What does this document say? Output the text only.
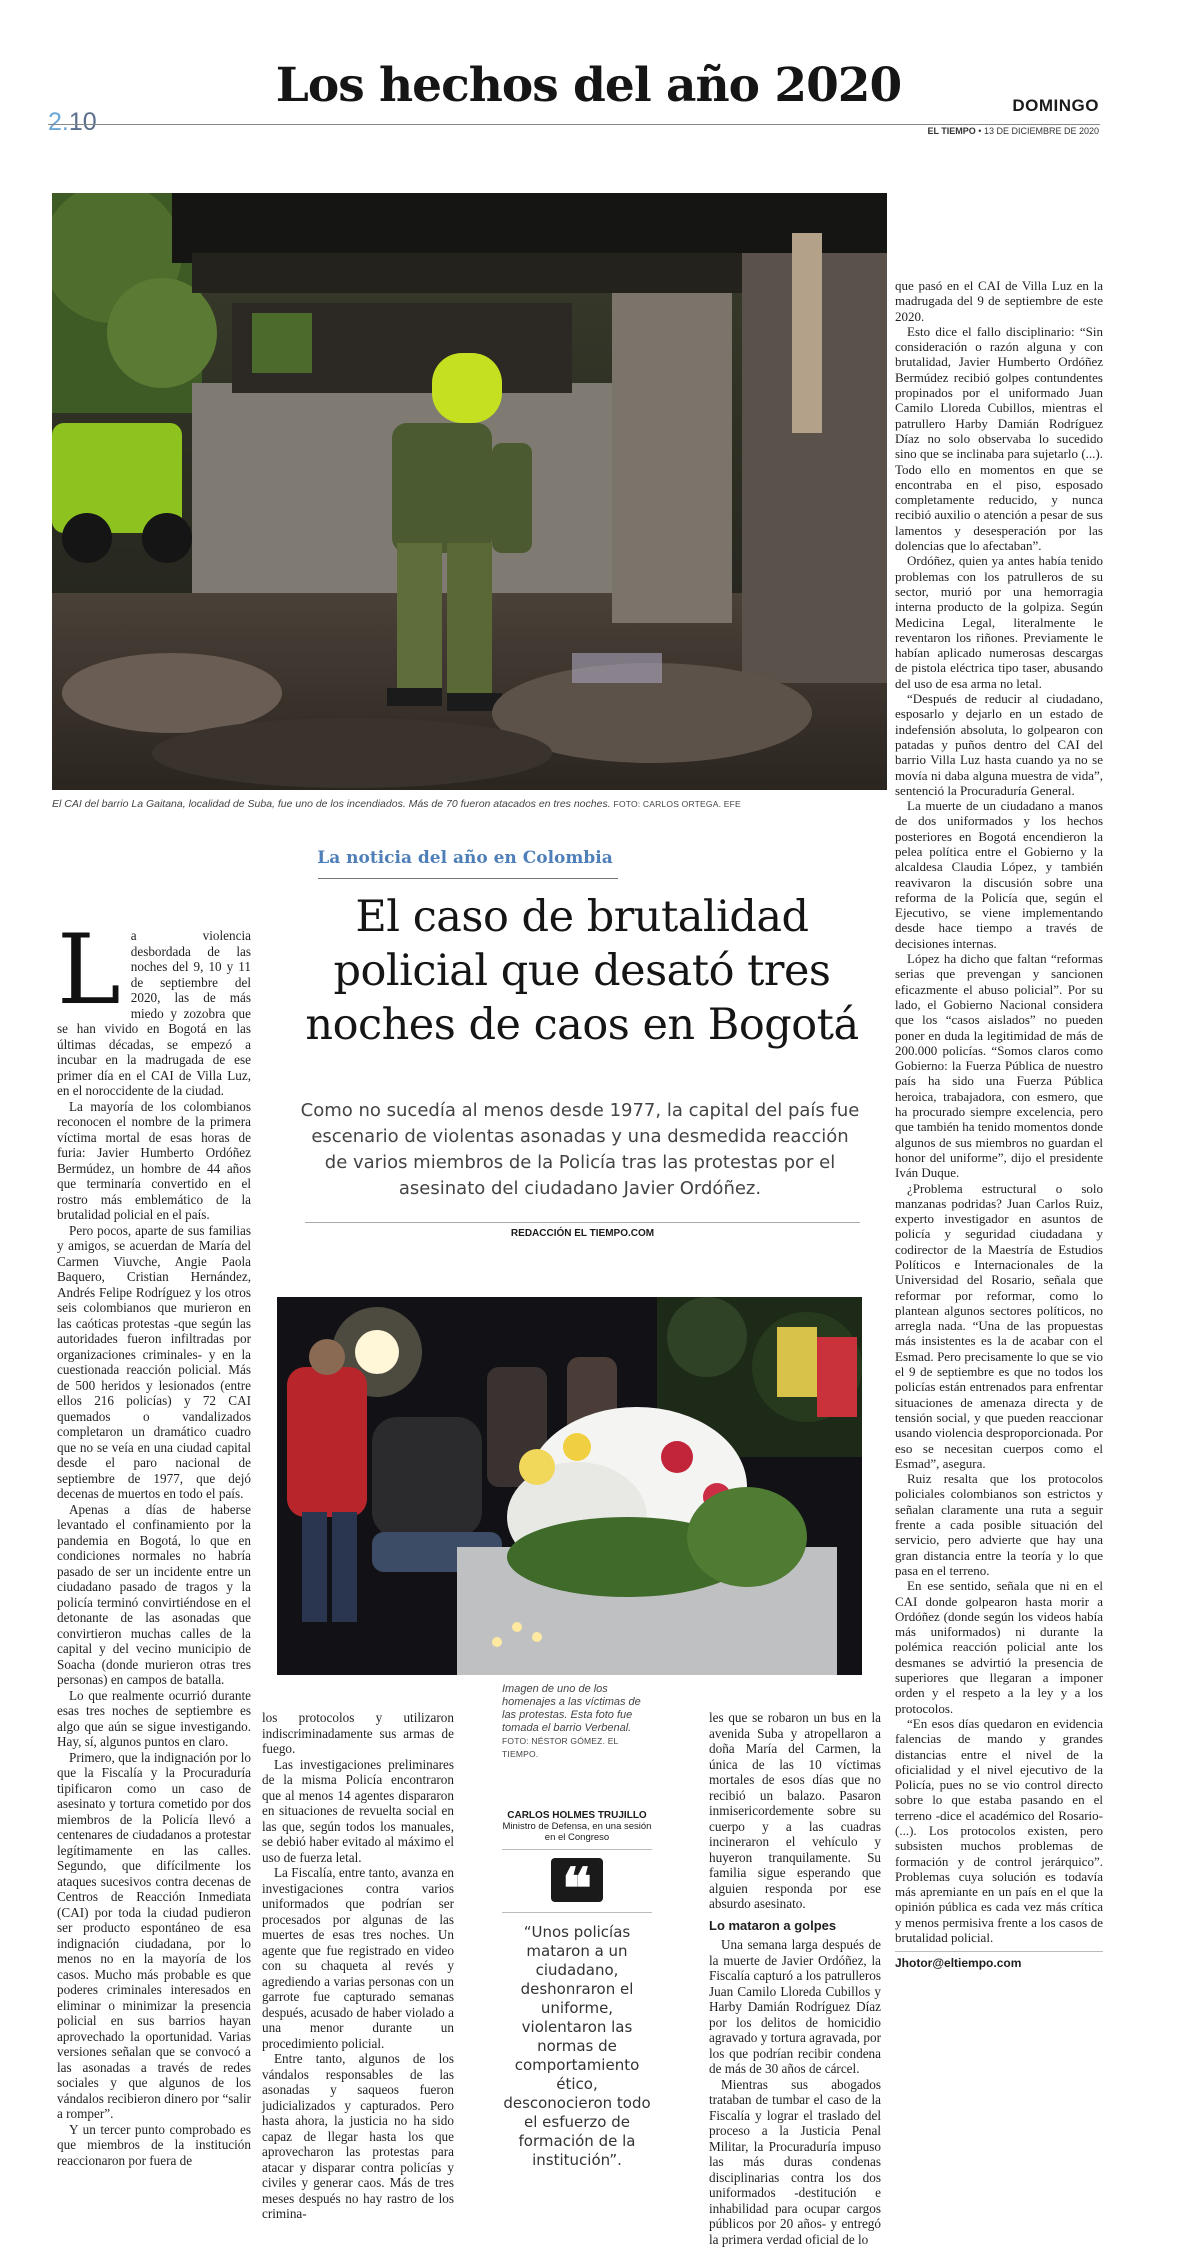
Los hechos del año 2020
2.10
DOMINGO
EL TIEMPO • 13 DE DICIEMBRE DE 2020
El CAI del barrio La Gaitana, localidad de Suba, fue uno de los incendiados. Más de 70 fueron atacados en tres noches. FOTO: CARLOS ORTEGA. EFE
La noticia del año en Colombia
El caso de brutalidad
policial que desató tres
noches de caos en Bogotá
Como no sucedía al menos desde 1977, la capital del país fue escenario de violentas asonadas y una desmedida reacción de varios miembros de la Policía tras las protestas por el asesinato del ciudadano Javier Ordóñez.
REDACCIÓN EL TIEMPO.COM
Imagen de uno de los homenajes a las víctimas de las protestas. Esta foto fue tomada el barrio Verbenal.
FOTO: NÉSTOR GÓMEZ. EL TIEMPO.

La violencia desbordada de las noches del 9, 10 y 11 de septiembre del 2020, las de más miedo y zozobra que se han vivido en Bogotá en las últimas décadas, se empezó a incubar en la madrugada de ese primer día en el CAI de Villa Luz, en el noroccidente de la ciudad.

La mayoría de los colombianos reconocen el nombre de la primera víctima mortal de esas horas de furia: Javier Humberto Ordóñez Bermúdez, un hombre de 44 años que terminaría convertido en el rostro más emblemático de la brutalidad policial en el país.

Pero pocos, aparte de sus familias y amigos, se acuerdan de María del Carmen Viuvche, Angie Paola Baquero, Cristian Hernández, Andrés Felipe Rodríguez y los otros seis colombianos que murieron en las caóticas protestas -que según las autoridades fueron infiltradas por organizaciones criminales- y en la cuestionada reacción policial. Más de 500 heridos y lesionados (entre ellos 216 policías) y 72 CAI quemados o vandalizados completaron un dramático cuadro que no se veía en una ciudad capital desde el paro nacional de septiembre de 1977, que dejó decenas de muertos en todo el país.

Apenas a días de haberse levantado el confinamiento por la pandemia en Bogotá, lo que en condiciones normales no habría pasado de ser un incidente entre un ciudadano pasado de tragos y la policía terminó convirtiéndose en el detonante de las asonadas que convirtieron muchas calles de la capital y del vecino municipio de Soacha (donde murieron otras tres personas) en campos de batalla.

Lo que realmente ocurrió durante esas tres noches de septiembre es algo que aún se sigue investigando. Hay, sí, algunos puntos en claro.

Primero, que la indignación por lo que la Fiscalía y la Procuraduría tipificaron como un caso de asesinato y tortura cometido por dos miembros de la Policía llevó a centenares de ciudadanos a protestar legítimamente en las calles. Segundo, que difícilmente los ataques sucesivos contra decenas de Centros de Reacción Inmediata (CAI) por toda la ciudad pudieron ser producto espontáneo de esa indignación ciudadana, por lo menos no en la mayoría de los casos. Mucho más probable es que poderes criminales interesados en eliminar o minimizar la presencia policial en sus barrios hayan aprovechado la oportunidad. Varias versiones señalan que se convocó a las asonadas a través de redes sociales y que algunos de los vándalos recibieron dinero por “salir a romper”.

Y un tercer punto comprobado es que miembros de la institución reaccionaron por fuera de

los protocolos y utilizaron indiscriminadamente sus armas de fuego.

Las investigaciones preliminares de la misma Policía encontraron que al menos 14 agentes dispararon en situaciones de revuelta social en las que, según todos los manuales, se debió haber evitado al máximo el uso de fuerza letal.

La Fiscalía, entre tanto, avanza en investigaciones contra varios uniformados que podrían ser procesados por algunas de las muertes de esas tres noches. Un agente que fue registrado en video con su chaqueta al revés y agrediendo a varias personas con un garrote fue capturado semanas después, acusado de haber violado a una menor durante un procedimiento policial.

Entre tanto, algunos de los vándalos responsables de las asonadas y saqueos fueron judicializados y capturados. Pero hasta ahora, la justicia no ha sido capaz de llegar hasta los que aprovecharon las protestas para atacar y disparar contra policías y civiles y generar caos. Más de tres meses después no hay rastro de los crimina-

CARLOS HOLMES TRUJILLO
Ministro de Defensa, en una sesión en el Congreso
❝
“Unos policías mataron a un ciudadano, deshonraron el uniforme, violentaron las normas de comportamiento ético, desconocieron todo el esfuerzo de formación de la institución”.

les que se robaron un bus en la avenida Suba y atropellaron a doña María del Carmen, la única de las 10 víctimas mortales de esos días que no recibió un balazo. Pasaron inmisericordemente sobre su cuerpo y a las cuadras incineraron el vehículo y huyeron tranquilamente. Su familia sigue esperando que alguien responda por ese absurdo asesinato.

Lo mataron a golpes

Una semana larga después de la muerte de Javier Ordóñez, la Fiscalía capturó a los patrulleros Juan Camilo Lloreda Cubillos y Harby Damián Rodríguez Díaz por los delitos de homicidio agravado y tortura agravada, por los que podrían recibir condena de más de 30 años de cárcel.

Mientras sus abogados trataban de tumbar el caso de la Fiscalía y lograr el traslado del proceso a la Justicia Penal Militar, la Procuraduría impuso las más duras condenas disciplinarias contra los dos uniformados -destitución e inhabilidad para ocupar cargos públicos por 20 años- y entregó la primera verdad oficial de lo

que pasó en el CAI de Villa Luz en la madrugada del 9 de septiembre de este 2020.

Esto dice el fallo disciplinario: “Sin consideración o razón alguna y con brutalidad, Javier Humberto Ordóñez Bermúdez recibió golpes contundentes propinados por el uniformado Juan Camilo Lloreda Cubillos, mientras el patrullero Harby Damián Rodríguez Díaz no solo observaba lo sucedido sino que se inclinaba para sujetarlo (...). Todo ello en momentos en que se encontraba en el piso, esposado completamente reducido, y nunca recibió auxilio o atención a pesar de sus lamentos y desesperación por las dolencias que lo afectaban”.

Ordóñez, quien ya antes había tenido problemas con los patrulleros de su sector, murió por una hemorragia interna producto de la golpiza. Según Medicina Legal, literalmente le reventaron los riñones. Previamente le habían aplicado numerosas descargas de pistola eléctrica tipo taser, abusando del uso de esa arma no letal.

“Después de reducir al ciudadano, esposarlo y dejarlo en un estado de indefensión absoluta, lo golpearon con patadas y puños dentro del CAI del barrio Villa Luz hasta cuando ya no se movía ni daba alguna muestra de vida”, sentenció la Procuraduría General.

La muerte de un ciudadano a manos de dos uniformados y los hechos posteriores en Bogotá encendieron la pelea política entre el Gobierno y la alcaldesa Claudia López, y también reavivaron la discusión sobre una reforma de la Policía que, según el Ejecutivo, se viene implementando desde hace tiempo a través de decisiones internas.

López ha dicho que faltan “reformas serias que prevengan y sancionen eficazmente el abuso policial”. Por su lado, el Gobierno Nacional considera que los “casos aislados” no pueden poner en duda la legitimidad de más de 200.000 policías. “Somos claros como Gobierno: la Fuerza Pública de nuestro país ha sido una Fuerza Pública heroica, trabajadora, con esmero, que ha procurado siempre excelencia, pero que también ha tenido momentos donde algunos de sus miembros no guardan el honor del uniforme”, dijo el presidente Iván Duque.

¿Problema estructural o solo manzanas podridas? Juan Carlos Ruiz, experto investigador en asuntos de policía y seguridad ciudadana y codirector de la Maestría de Estudios Políticos e Internacionales de la Universidad del Rosario, señala que reformar por reformar, como lo plantean algunos sectores políticos, no arregla nada. “Una de las propuestas más insistentes es la de acabar con el Esmad. Pero precisamente lo que se vio el 9 de septiembre es que no todos los policías están entrenados para enfrentar situaciones de amenaza directa y de tensión social, y que pueden reaccionar usando violencia desproporcionada. Por eso se necesitan cuerpos como el Esmad”, asegura.

Ruiz resalta que los protocolos policiales colombianos son estrictos y señalan claramente una ruta a seguir frente a cada posible situación del servicio, pero advierte que hay una gran distancia entre la teoría y lo que pasa en el terreno.

En ese sentido, señala que ni en el CAI donde golpearon hasta morir a Ordóñez (donde según los videos había más uniformados) ni durante la polémica reacción policial ante los desmanes se advirtió la presencia de superiores que llegaran a imponer orden y el respeto a la ley y a los protocolos.

“En esos días quedaron en evidencia falencias de mando y grandes distancias entre el nivel de la oficialidad y el nivel ejecutivo de la Policía, pues no se vio control directo sobre lo que estaba pasando en el terreno -dice el académico del Rosario- (...). Los protocolos existen, pero subsisten muchos problemas de formación y de control jerárquico”. Problemas cuya solución es todavía más apremiante en un país en el que la opinión pública es cada vez más crítica y menos permisiva frente a los casos de brutalidad policial.

Jhotor@eltiempo.com
